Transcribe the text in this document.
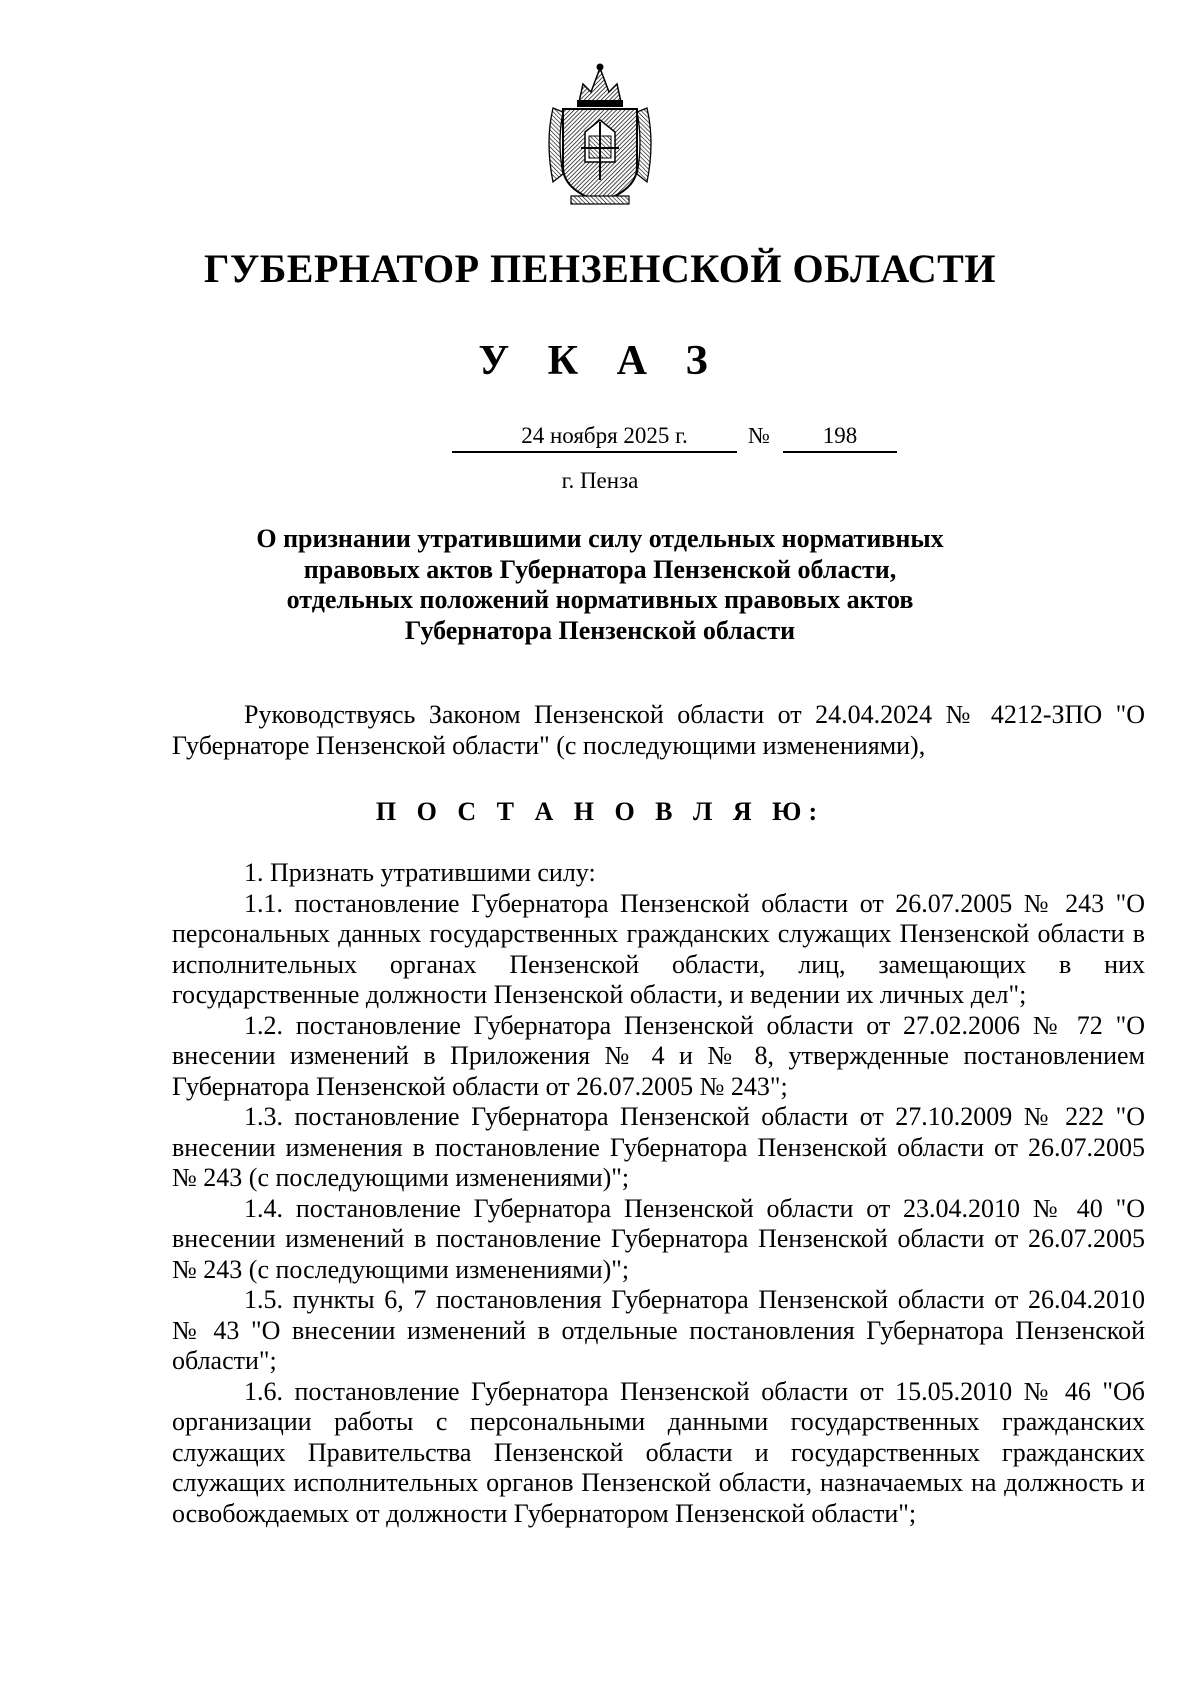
ГУБЕРНАТОР ПЕНЗЕНСКОЙ ОБЛАСТИ
У К А З
24 ноября 2025 г.	№	198
г. Пенза
О признании утратившими силу отдельных нормативных
правовых актов Губернатора Пензенской области,
отдельных положений нормативных правовых актов
Губернатора Пензенской области

Руководствуясь Законом Пензенской области от 24.04.2024 № 4212-ЗПО "О Губернаторе Пензенской области" (с последующими изменениями),

П О С Т А Н О В Л Я Ю:

1. Признать утратившими силу:

1.1. постановление Губернатора Пензенской области от 26.07.2005 № 243 "О персональных данных государственных гражданских служащих Пензенской области в исполнительных органах Пензенской области, лиц, замещающих в них государственные должности Пензенской области, и ведении их личных дел";

1.2. постановление Губернатора Пензенской области от 27.02.2006 № 72 "О внесении изменений в Приложения № 4 и № 8, утвержденные постановлением Губернатора Пензенской области от 26.07.2005 № 243";

1.3. постановление Губернатора Пензенской области от 27.10.2009 № 222 "О внесении изменения в постановление Губернатора Пензенской области от 26.07.2005 № 243 (с последующими изменениями)";

1.4. постановление Губернатора Пензенской области от 23.04.2010 № 40 "О внесении изменений в постановление Губернатора Пензенской области от 26.07.2005 № 243 (с последующими изменениями)";

1.5. пункты 6, 7 постановления Губернатора Пензенской области от 26.04.2010 № 43 "О внесении изменений в отдельные постановления Губернатора Пензенской области";

1.6. постановление Губернатора Пензенской области от 15.05.2010 № 46 "Об организации работы с персональными данными государственных гражданских служащих Правительства Пензенской области и государственных гражданских служащих исполнительных органов Пензенской области, назначаемых на должность и освобождаемых от должности Губернатором Пензенской области";
